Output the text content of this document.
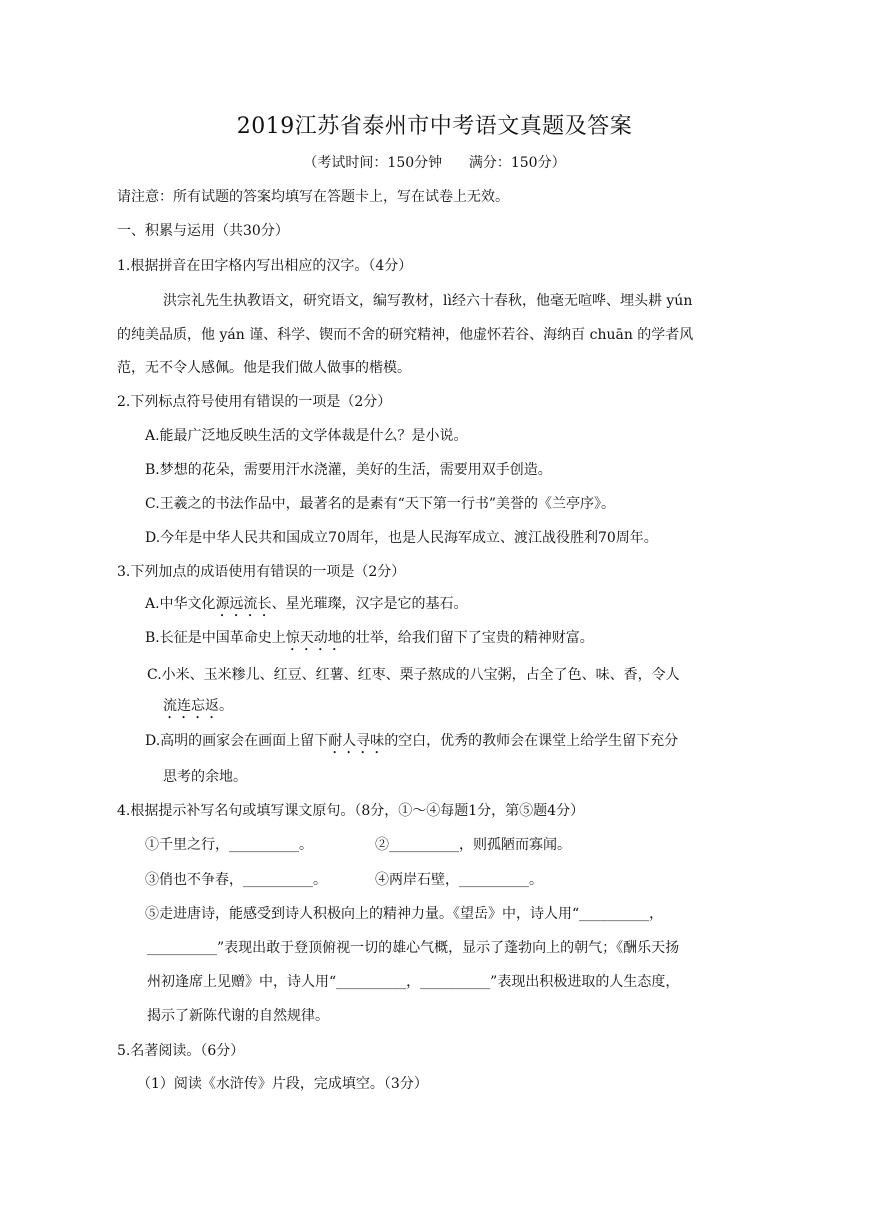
2019江苏省泰州市中考语文真题及答案
（考试时间：150分钟      满分：150分）
请注意：所有试题的答案均填写在答题卡上，写在试卷上无效。
一、积累与运用（共30分）
1.根据拼音在田字格内写出相应的汉字。（4分）
洪宗礼先生执教语文，研究语文，编写教材，lì经六十春秋，他毫无喧哗、埋头耕 yún
的纯美品质，他 yán 谨、科学、锲而不舍的研究精神，他虚怀若谷、海纳百 chuān 的学者风
范，无不令人感佩。他是我们做人做事的楷模。
2.下列标点符号使用有错误的一项是（2分）
A.能最广泛地反映生活的文学体裁是什么？是小说。
B.梦想的花朵，需要用汗水浇灌，美好的生活，需要用双手创造。
C.王羲之的书法作品中，最著名的是素有“天下第一行书”美誉的《兰亭序》。
D.今年是中华人民共和国成立70周年，也是人民海军成立、渡江战役胜利70周年。
3.下列加点的成语使用有错误的一项是（2分）
A.中华文化源远流长、星光璀璨，汉字是它的基石。
B.长征是中国革命史上惊天动地的壮举，给我们留下了宝贵的精神财富。
C.小米、玉米糁儿、红豆、红薯、红枣、栗子熬成的八宝粥，占全了色、味、香，令人
流连忘返。
D.高明的画家会在画面上留下耐人寻味的空白，优秀的教师会在课堂上给学生留下充分
思考的余地。
4.根据提示补写名句或填写课文原句。（8分，①～④每题1分，第⑤题4分）
①千里之行，__________。	②__________，则孤陋而寡闻。
③俏也不争春，__________。	④两岸石壁，__________。
⑤走进唐诗，能感受到诗人积极向上的精神力量。《望岳》中，诗人用“__________，
__________”表现出敢于登顶俯视一切的雄心气概，显示了蓬勃向上的朝气；《酬乐天扬
州初逢席上见赠》中，诗人用“__________，__________”表现出积极进取的人生态度，
揭示了新陈代谢的自然规律。
5.名著阅读。（6分）
（1）阅读《水浒传》片段，完成填空。（3分）
